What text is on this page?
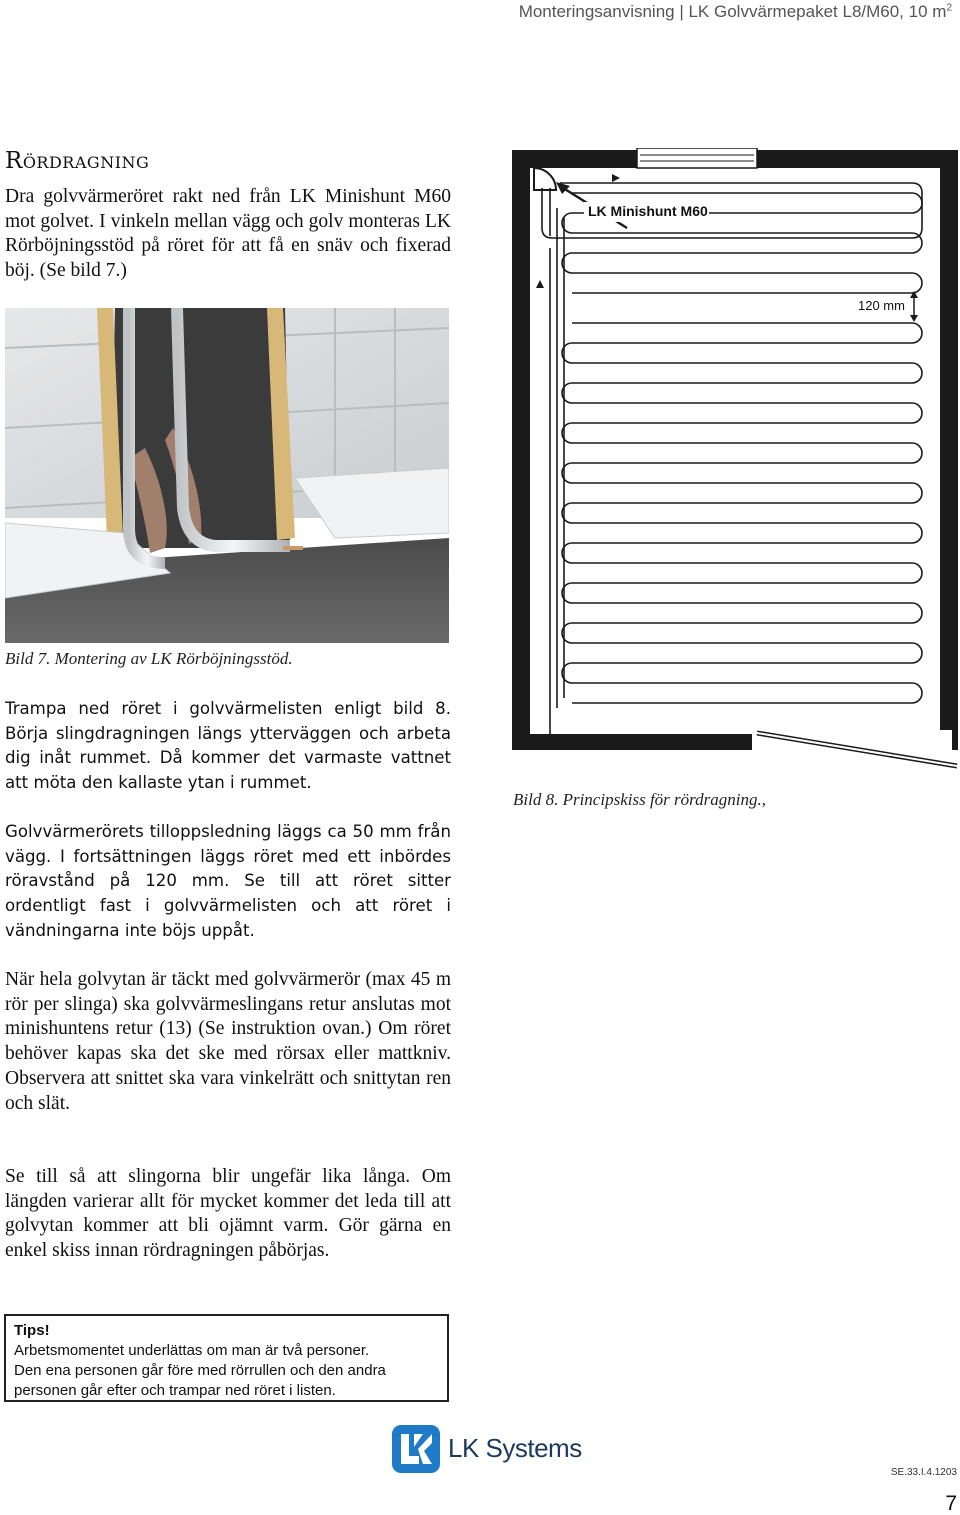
Monteringsanvisning | LK Golvvärmepaket L8/M60, 10 $m^2$
Rördragning
Dra golvvärmeröret rakt ned från LK Minishunt M60 mot golvet. I vinkeln mellan vägg och golv monteras LK Rörböjningsstöd på röret för att få en snäv och fixerad böj. (Se bild 7.)
Bild 7. Montering av LK Rörböjningsstöd.
Trampa ned röret i golvvärmelisten enligt bild 8. Börja slingdragningen längs ytterväggen och arbeta dig inåt rummet. Då kommer det varmaste vattnet att möta den kallaste ytan i rummet.
Golvvärmerörets tilloppsledning läggs ca 50 mm från vägg. I fortsättningen läggs röret med ett inbördes röravstånd på 120 mm. Se till att röret sitter ordentligt fast i golvvärmelisten och att röret i vändningarna inte böjs uppåt.
När hela golvytan är täckt med golvvärmerör (max 45 m rör per slinga) ska golvvärmeslingans retur anslutas mot minishuntens retur (13) (Se instruktion ovan.) Om röret behöver kapas ska det ske med rörsax eller mattkniv. Observera att snittet ska vara vinkelrätt och snittytan ren och slät.
Se till så att slingorna blir ungefär lika långa. Om längden varierar allt för mycket kommer det leda till att golvytan kommer att bli ojämnt varm. Gör gärna en enkel skiss innan rördragningen påbörjas.
LK Minishunt M60
120 mm
Bild 8. Principskiss för rördragning.,
Tips!
Arbetsmomentet underlättas om man är två personer.
Den ena personen går före med rörrullen och den andra
personen går efter och trampar ned röret i listen.
LK Systems
SE.33.I.4.1203
7
